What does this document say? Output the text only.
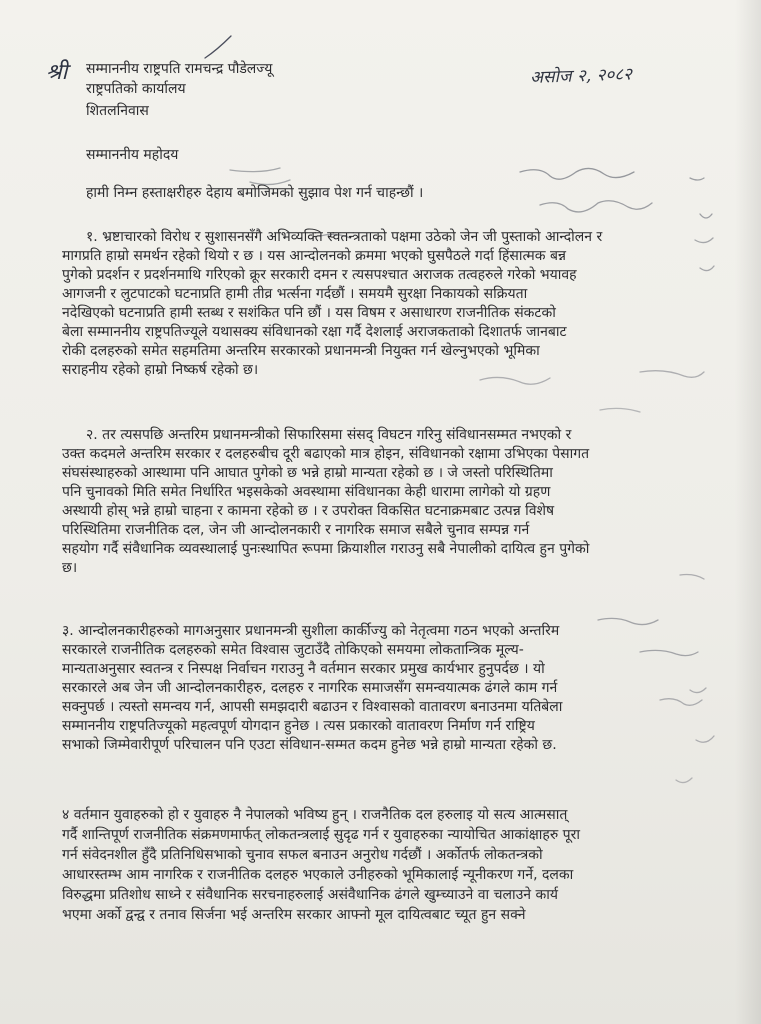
श्री	असोज २, २०८२
सम्माननीय राष्ट्रपति रामचन्द्र पौडेलज्यू
राष्ट्रपतिको कार्यालय
शितलनिवास
सम्माननीय महोदय
हामी निम्न हस्ताक्षरीहरु देहाय बमोजिमको सुझाव पेश गर्न चाहन्छौं ।
१. भ्रष्टाचारको विरोध र सुशासनसँगै अभिव्यक्ति स्वतन्त्रताको पक्षमा उठेको जेन जी पुस्ताको आन्दोलन र
मागप्रति हाम्रो समर्थन रहेको थियो र छ । यस आन्दोलनको क्रममा भएको घुसपैठले गर्दा हिंसात्मक बन्न
पुगेको प्रदर्शन र प्रदर्शनमाथि गरिएको क्रूर सरकारी दमन र त्यसपश्चात अराजक तत्वहरुले गरेको भयावह
आगजनी र लुटपाटको घटनाप्रति हामी तीव्र भर्त्सना गर्दछौं । समयमै सुरक्षा निकायको सक्रियता
नदेखिएको घटनाप्रति हामी स्तब्ध र सशंकित पनि छौं । यस विषम र असाधारण राजनीतिक संकटको
बेला सम्माननीय राष्ट्रपतिज्यूले यथासक्य संविधानको रक्षा गर्दै देशलाई अराजकताको दिशातर्फ जानबाट
रोकी दलहरुको समेत सहमतिमा अन्तरिम सरकारको प्रधानमन्त्री नियुक्त गर्न खेल्नुभएको भूमिका
सराहनीय रहेको हाम्रो निष्कर्ष रहेको छ।
२. तर त्यसपछि अन्तरिम प्रधानमन्त्रीको सिफारिसमा संसद् विघटन गरिनु संविधानसम्मत नभएको र
उक्त कदमले अन्तरिम सरकार र दलहरुबीच दूरी बढाएको मात्र होइन, संविधानको रक्षामा उभिएका पेसागत
संघसंस्थाहरुको आस्थामा पनि आघात पुगेको छ भन्ने हाम्रो मान्यता रहेको छ । जे जस्तो परिस्थितिमा
पनि चुनावको मिति समेत निर्धारित भइसकेको अवस्थामा संविधानका केही धारामा लागेको यो ग्रहण
अस्थायी होस् भन्ने हाम्रो चाहना र कामना रहेको छ । र उपरोक्त विकसित घटनाक्रमबाट उत्पन्न विशेष
परिस्थितिमा राजनीतिक दल, जेन जी आन्दोलनकारी र नागरिक समाज सबैले चुनाव सम्पन्न गर्न
सहयोग गर्दै संवैधानिक व्यवस्थालाई पुनःस्थापित रूपमा क्रियाशील गराउनु सबै नेपालीको दायित्व हुन पुगेको
छ।
३. आन्दोलनकारीहरुको मागअनुसार प्रधानमन्त्री सुशीला कार्कीज्यु को नेतृत्वमा गठन भएको अन्तरिम
सरकारले राजनीतिक दलहरुको समेत विश्वास जुटाउँदै तोकिएको समयमा लोकतान्त्रिक मूल्य-
मान्यताअनुसार स्वतन्त्र र निस्पक्ष निर्वाचन गराउनु नै वर्तमान सरकार प्रमुख कार्यभार हुनुपर्दछ । यो
सरकारले अब जेन जी आन्दोलनकारीहरु, दलहरु र नागरिक समाजसँग समन्वयात्मक ढंगले काम गर्न
सक्नुपर्छ । त्यस्तो समन्वय गर्न, आपसी समझदारी बढाउन र विश्वासको वातावरण बनाउनमा यतिबेला
सम्माननीय राष्ट्रपतिज्यूको महत्वपूर्ण योगदान हुनेछ । त्यस प्रकारको वातावरण निर्माण गर्न राष्ट्रिय
सभाको जिम्मेवारीपूर्ण परिचालन पनि एउटा संविधान-सम्मत कदम हुनेछ भन्ने हाम्रो मान्यता रहेको छ.
४ वर्तमान युवाहरुको हो र युवाहरु नै नेपालको भविष्य हुन् । राजनैतिक दल हरुलाइ यो सत्य आत्मसात्
गर्दै शान्तिपूर्ण राजनीतिक संक्रमणमार्फत् लोकतन्त्रलाई सुदृढ गर्न र युवाहरुका न्यायोचित आकांक्षाहरु पूरा
गर्न संवेदनशील हुँदै प्रतिनिधिसभाको चुनाव सफल बनाउन अनुरोध गर्दछौं । अर्कोतर्फ लोकतन्त्रको
आधारस्तम्भ आम नागरिक र राजनीतिक दलहरु भएकाले उनीहरुको भूमिकालाई न्यूनीकरण गर्ने, दलका
विरुद्धमा प्रतिशोध साध्ने र संवैधानिक सरचनाहरुलाई असंवैधानिक ढंगले खुम्च्याउने वा चलाउने कार्य
भएमा अर्को द्वन्द्व र तनाव सिर्जना भई अन्तरिम सरकार आफ्नो मूल दायित्वबाट च्यूत हुन सक्ने
